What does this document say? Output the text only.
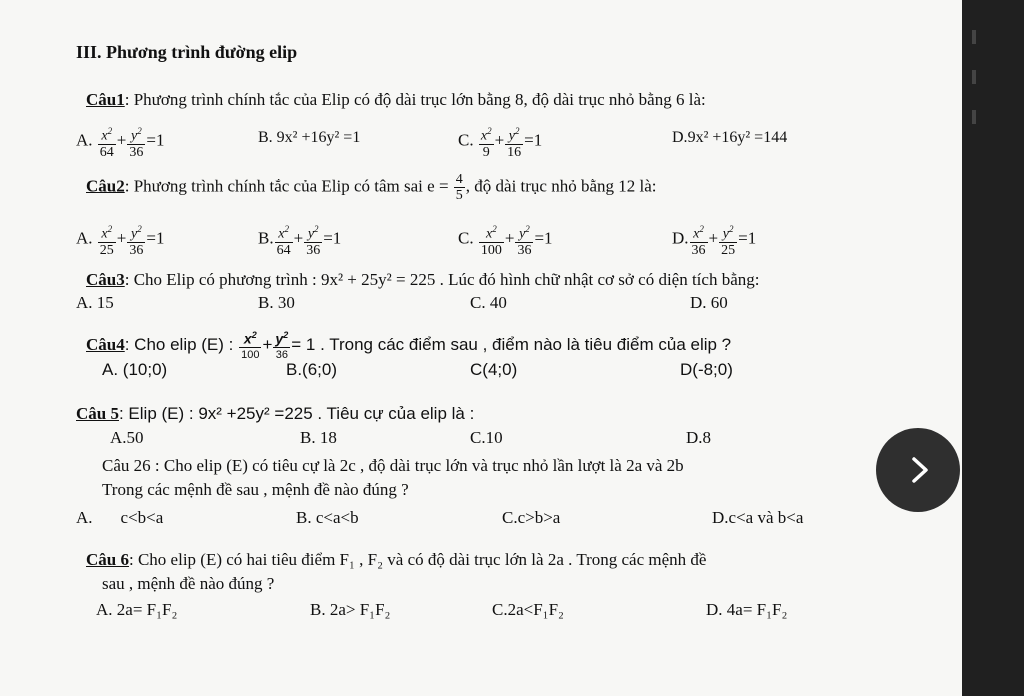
III. Phương trình đường elip
Câu1: Phương trình chính tắc của Elip có độ dài trục lớn bằng 8, độ dài trục nhỏ bằng 6 là:
A. $\frac{x^2}{64} + \frac{y^2}{36} =1$	B. 9x² +16y² =1	C. $\frac{x^2}{9} + \frac{y^2}{16} =1$	D.9x² +16y² =144
Câu2: Phương trình chính tắc của Elip có tâm sai $e = \frac{4}{5}$ , độ dài trục nhỏ bằng 12 là:
A. $\frac{x^2}{25} + \frac{y^2}{36} =1$	B. $\frac{x^2}{64} + \frac{y^2}{36} =1$	C. $\frac{x^2}{100} + \frac{y^2}{36} =1$	D. $\frac{x^2}{36} + \frac{y^2}{25} =1$
Câu3: Cho Elip có phương trình : 9x² + 25y² = 225 . Lúc đó hình chữ nhật cơ sở có diện tích bằng:
A. 15	B. 30	C. 40	D. 60
Câu4: Cho elip (E) : $\frac{x^2}{100} + \frac{y^2}{36} = 1$ . Trong các điểm sau , điểm nào là tiêu điểm của elip ?
A. (10;0)	B.(6;0)	C(4;0)	D(-8;0)
Câu 5: Elip (E) : 9x² +25y² =225 . Tiêu cự của elip là :
A.50	B. 18	C.10	D.8
Câu 26 : Cho elip (E) có tiêu cự là 2c , độ dài trục lớn và trục nhỏ lần lượt là 2a và 2b
Trong các mệnh đề sau , mệnh đề nào đúng ?
A. c<b<a	B. c<a<b	C.c>b>a	D.c<a và b<a
Câu 6: Cho elip (E) có hai tiêu điểm F₁ , F₂ và có độ dài trục lớn là 2a . Trong các mệnh đề
sau , mệnh đề nào đúng ?
A. 2a= F₁F₂	B. 2a> F₁F₂	C.2a<F₁F₂	D. 4a= F₁F₂
